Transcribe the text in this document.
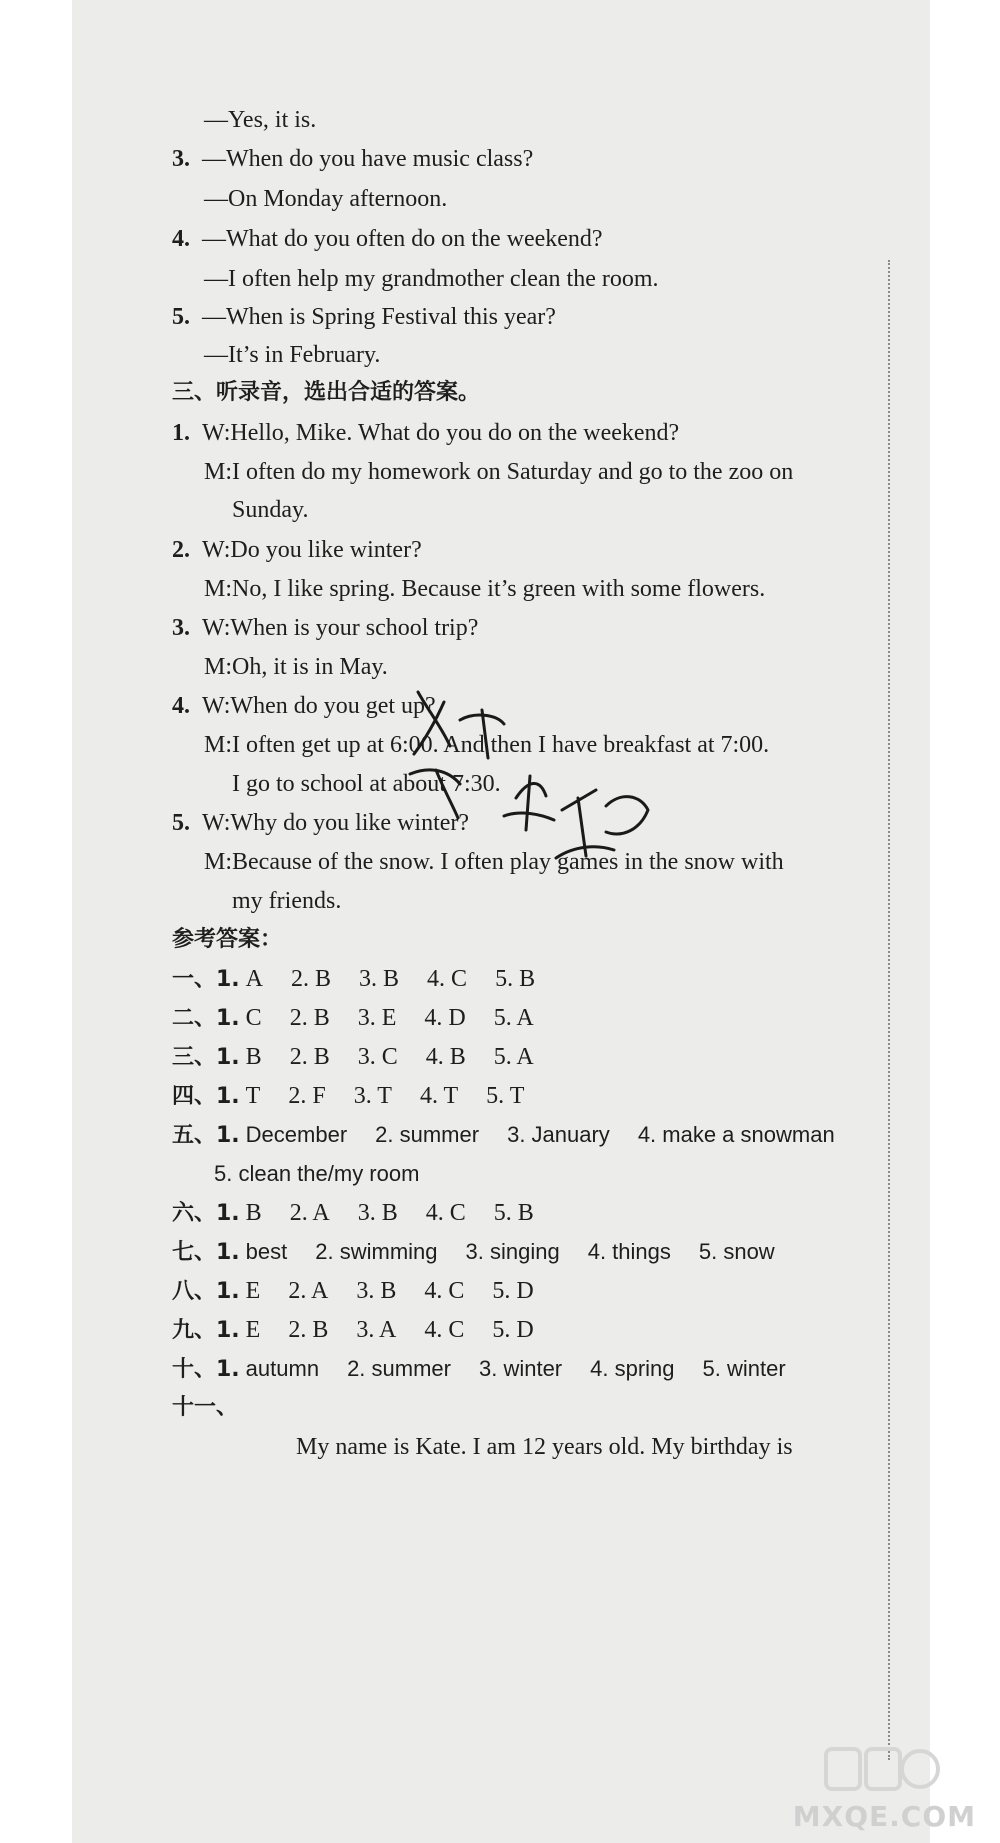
—Yes, it is.
3. —When do you have music class?
—On Monday afternoon.
4. —What do you often do on the weekend?
—I often help my grandmother clean the room.
5. —When is Spring Festival this year?
—It’s in February.
三、听录音，选出合适的答案。
1. W:Hello, Mike. What do you do on the weekend?
M:I often do my homework on Saturday and go to the zoo on
Sunday.
2. W:Do you like winter?
M:No, I like spring. Because it’s green with some flowers.
3. W:When is your school trip?
M:Oh, it is in May.
4. W:When do you get up?
M:I often get up at 6:00. And then I have breakfast at 7:00.
I go to school at about 7:30.
5. W:Why do you like winter?
M:Because of the snow. I often play games in the snow with
my friends.
参考答案：
一、1. A 2. B 3. B 4. C 5. B
二、1. C 2. B 3. E 4. D 5. A
三、1. B 2. B 3. C 4. B 5. A
四、1. T 2. F 3. T 4. T 5. T
五、1. December 2. summer 3. January 4. make a snowman
5. clean the/my room
六、1. B 2. A 3. B 4. C 5. B
七、1. best 2. swimming 3. singing 4. things 5. snow
八、1. E 2. A 3. B 4. C 5. D
九、1. E 2. B 3. A 4. C 5. D
十、1. autumn 2. summer 3. winter 4. spring 5. winter
十一、
My name is Kate. I am 12 years old. My birthday is
MXQE.COM
